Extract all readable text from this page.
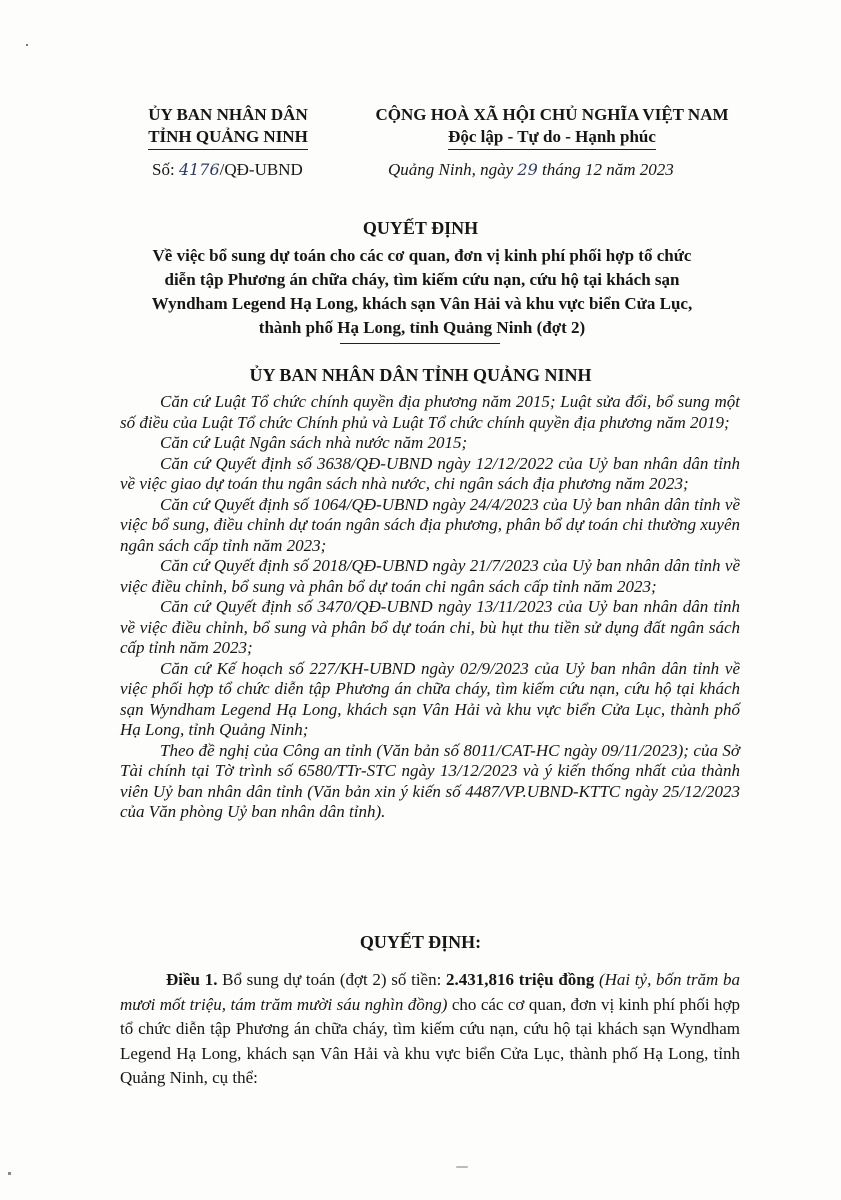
ỦY BAN NHÂN DÂN
TỈNH QUẢNG NINH
CỘNG HOÀ XÃ HỘI CHỦ NGHĨA VIỆT NAM
Độc lập - Tự do - Hạnh phúc
Số: 4176/QĐ-UBND	Quảng Ninh, ngày 29 tháng 12 năm 2023
QUYẾT ĐỊNH
Về việc bổ sung dự toán cho các cơ quan, đơn vị kinh phí phối hợp tổ chức
diễn tập Phương án chữa cháy, tìm kiếm cứu nạn, cứu hộ tại khách sạn
Wyndham Legend Hạ Long, khách sạn Vân Hải và khu vực biển Cửa Lục,
thành phố Hạ Long, tỉnh Quảng Ninh (đợt 2)
ỦY BAN NHÂN DÂN TỈNH QUẢNG NINH

Căn cứ Luật Tổ chức chính quyền địa phương năm 2015; Luật sửa đổi, bổ sung một số điều của Luật Tổ chức Chính phủ và Luật Tổ chức chính quyền địa phương năm 2019;

Căn cứ Luật Ngân sách nhà nước năm 2015;

Căn cứ Quyết định số 3638/QĐ-UBND ngày 12/12/2022 của Uỷ ban nhân dân tỉnh về việc giao dự toán thu ngân sách nhà nước, chi ngân sách địa phương năm 2023;

Căn cứ Quyết định số 1064/QĐ-UBND ngày 24/4/2023 của Uỷ ban nhân dân tỉnh về việc bổ sung, điều chỉnh dự toán ngân sách địa phương, phân bổ dự toán chi thường xuyên ngân sách cấp tỉnh năm 2023;

Căn cứ Quyết định số 2018/QĐ-UBND ngày 21/7/2023 của Uỷ ban nhân dân tỉnh về việc điều chỉnh, bổ sung và phân bổ dự toán chi ngân sách cấp tỉnh năm 2023;

Căn cứ Quyết định số 3470/QĐ-UBND ngày 13/11/2023 của Uỷ ban nhân dân tỉnh về việc điều chỉnh, bổ sung và phân bổ dự toán chi, bù hụt thu tiền sử dụng đất ngân sách cấp tỉnh năm 2023;

Căn cứ Kế hoạch số 227/KH-UBND ngày 02/9/2023 của Uỷ ban nhân dân tỉnh về việc phối hợp tổ chức diễn tập Phương án chữa cháy, tìm kiếm cứu nạn, cứu hộ tại khách sạn Wyndham Legend Hạ Long, khách sạn Vân Hải và khu vực biển Cửa Lục, thành phố Hạ Long, tỉnh Quảng Ninh;

Theo đề nghị của Công an tỉnh (Văn bản số 8011/CAT-HC ngày 09/11/2023); của Sở Tài chính tại Tờ trình số 6580/TTr-STC ngày 13/12/2023 và ý kiến thống nhất của thành viên Uỷ ban nhân dân tỉnh (Văn bản xin ý kiến số 4487/VP.UBND-KTTC ngày 25/12/2023 của Văn phòng Uỷ ban nhân dân tỉnh).

QUYẾT ĐỊNH:

Điều 1. Bổ sung dự toán (đợt 2) số tiền: 2.431,816 triệu đồng (Hai tỷ, bốn trăm ba mươi mốt triệu, tám trăm mười sáu nghìn đồng) cho các cơ quan, đơn vị kinh phí phối hợp tổ chức diễn tập Phương án chữa cháy, tìm kiếm cứu nạn, cứu hộ tại khách sạn Wyndham Legend Hạ Long, khách sạn Vân Hải và khu vực biển Cửa Lục, thành phố Hạ Long, tỉnh Quảng Ninh, cụ thể:
